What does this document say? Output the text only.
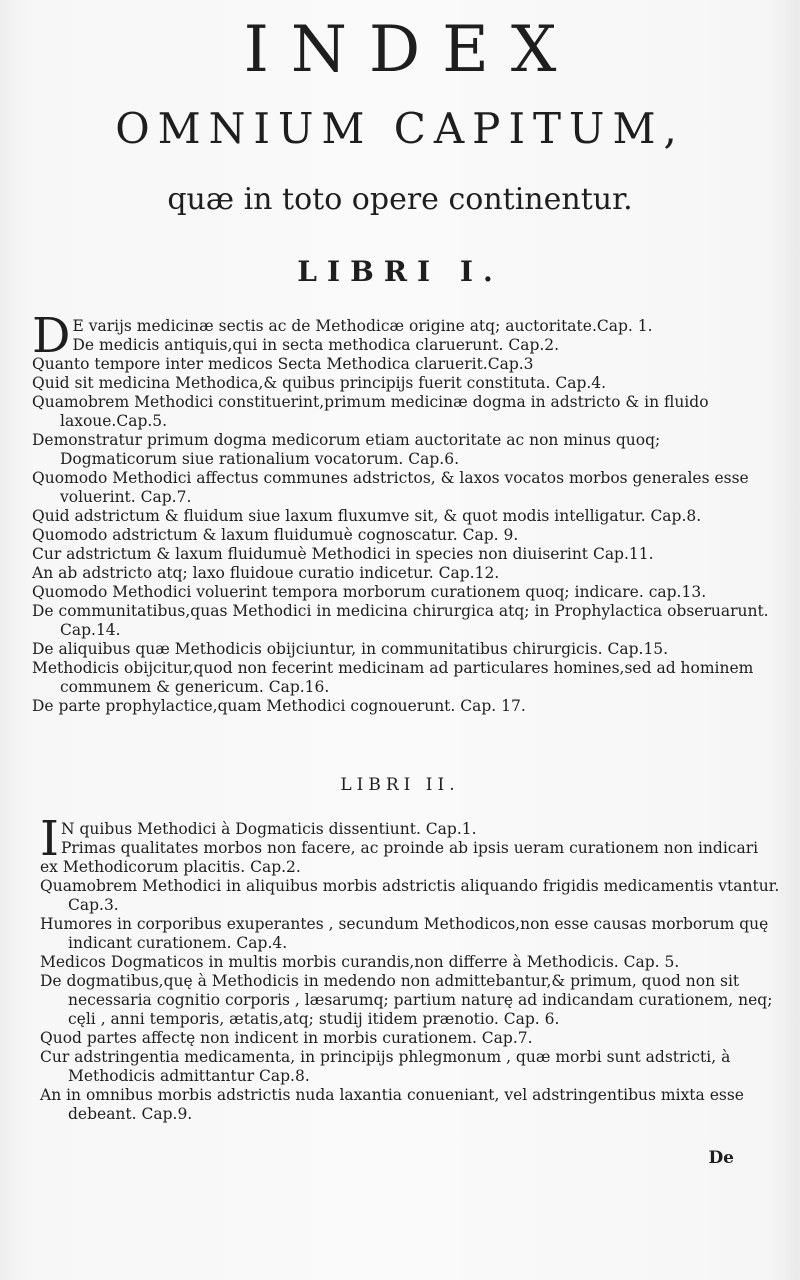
INDEX
OMNIUM CAPITUM,
quæ in toto opere continentur.
LIBRI I.
D E varijs medicinæ sectis ac de Methodicæ origine atq; auctoritate.Cap. 1.
De medicis antiquis,qui in secta methodica claruerunt. Cap.2.
Quanto tempore inter medicos Secta Methodica claruerit.Cap.3
Quid sit medicina Methodica,& quibus principijs fuerit constituta. Cap.4.
Quamobrem Methodici constituerint,primum medicinæ dogma in adstricto & in fluido laxoue.Cap.5.
Demonstratur primum dogma medicorum etiam auctoritate ac non minus quoq; Dogmaticorum siue rationalium vocatorum. Cap.6.
Quomodo Methodici affectus communes adstrictos, & laxos vocatos morbos generales esse voluerint. Cap.7.
Quid adstrictum & fluidum siue laxum fluxumve sit, & quot modis intelligatur. Cap.8.
Quomodo adstrictum & laxum fluidumuè cognoscatur. Cap. 9.
Cur adstrictum & laxum fluidumuè Methodici in species non diuiserint Cap.11.
An ab adstricto atq; laxo fluidoue curatio indicetur. Cap.12.
Quomodo Methodici voluerint tempora morborum curationem quoq; indicare. cap.13.
De communitatibus,quas Methodici in medicina chirurgica atq; in Prophylactica obseruarunt. Cap.14.
De aliquibus quæ Methodicis obijciuntur, in communitatibus chirurgicis. Cap.15.
Methodicis obijcitur,quod non fecerint medicinam ad particulares homines,sed ad hominem communem & genericum. Cap.16.
De parte prophylactice,quam Methodici cognouerunt. Cap. 17.
LIBRI II.
I N quibus Methodici à Dogmaticis dissentiunt. Cap.1.
Primas qualitates morbos non facere, ac proinde ab ipsis ueram curationem non indicari ex Methodicorum placitis. Cap.2.
Quamobrem Methodici in aliquibus morbis adstrictis aliquando frigidis medicamentis vtantur. Cap.3.
Humores in corporibus exuperantes , secundum Methodicos,non esse causas morborum quę indicant curationem. Cap.4.
Medicos Dogmaticos in multis morbis curandis,non differre à Methodicis. Cap. 5.
De dogmatibus,quę à Methodicis in medendo non admittebantur,& primum, quod non sit necessaria cognitio corporis , læsarumq; partium naturę ad indicandam curationem, neq; cęli , anni temporis, ætatis,atq; studij itidem prænotio. Cap. 6.
Quod partes affectę non indicent in morbis curationem. Cap.7.
Cur adstringentia medicamenta, in principijs phlegmonum , quæ morbi sunt adstricti, à Methodicis admittantur Cap.8.
An in omnibus morbis adstrictis nuda laxantia conueniant, vel adstringentibus mixta esse debeant. Cap.9.
De
